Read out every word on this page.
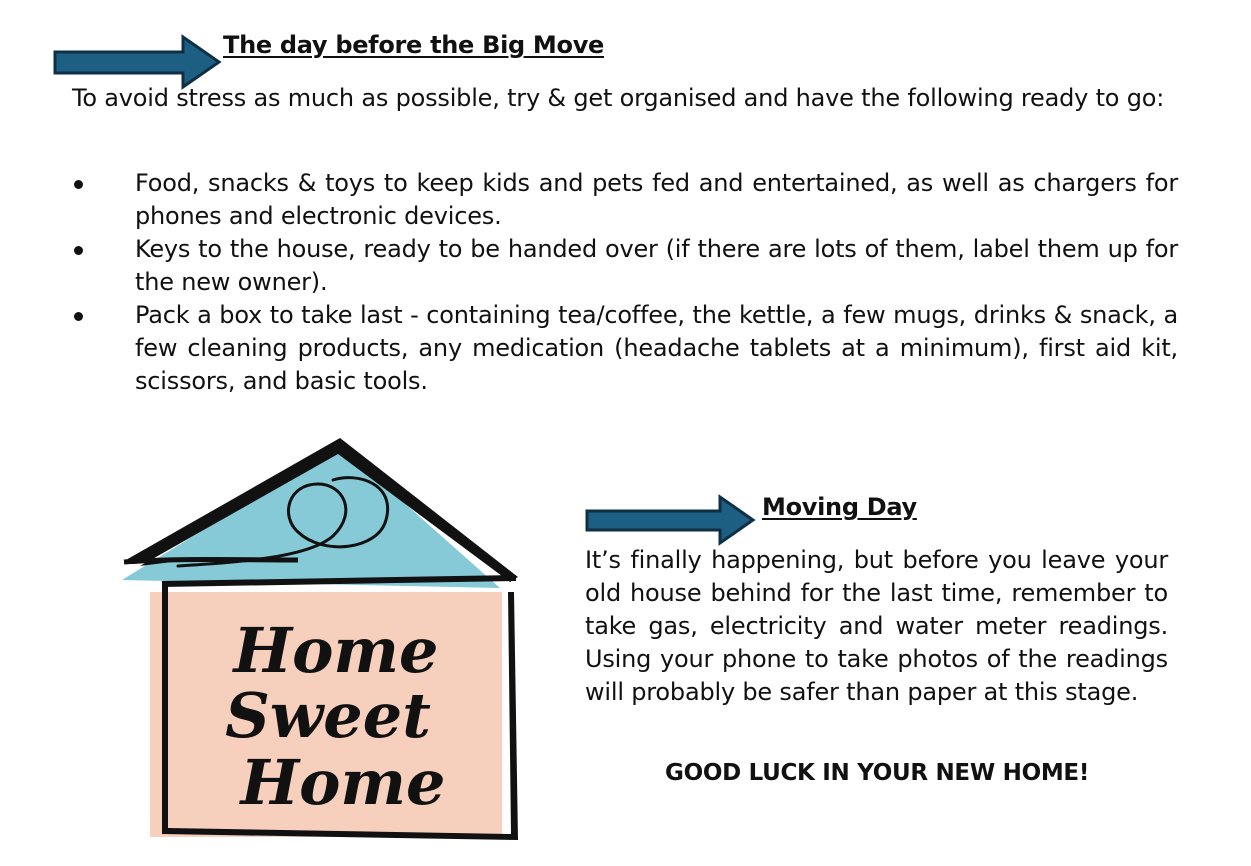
The day before the Big Move
To avoid stress as much as possible, try & get organised and have the following ready to go:
Food, snacks & toys to keep kids and pets fed and entertained, as well as chargers for phones and electronic devices.
Keys to the house, ready to be handed over (if there are lots of them, label them up for the new owner).
Pack a box to take last - containing tea/coffee, the kettle, a few mugs, drinks & snack, a few cleaning products, any medication (headache tablets at a minimum), first aid kit, scissors, and basic tools.
Home
Sweet
Home
Moving Day
It’s finally happening, but before you leave your old house behind for the last time, remember to take gas, electricity and water meter readings. Using your phone to take photos of the readings will probably be safer than paper at this stage.
GOOD LUCK IN YOUR NEW HOME!
